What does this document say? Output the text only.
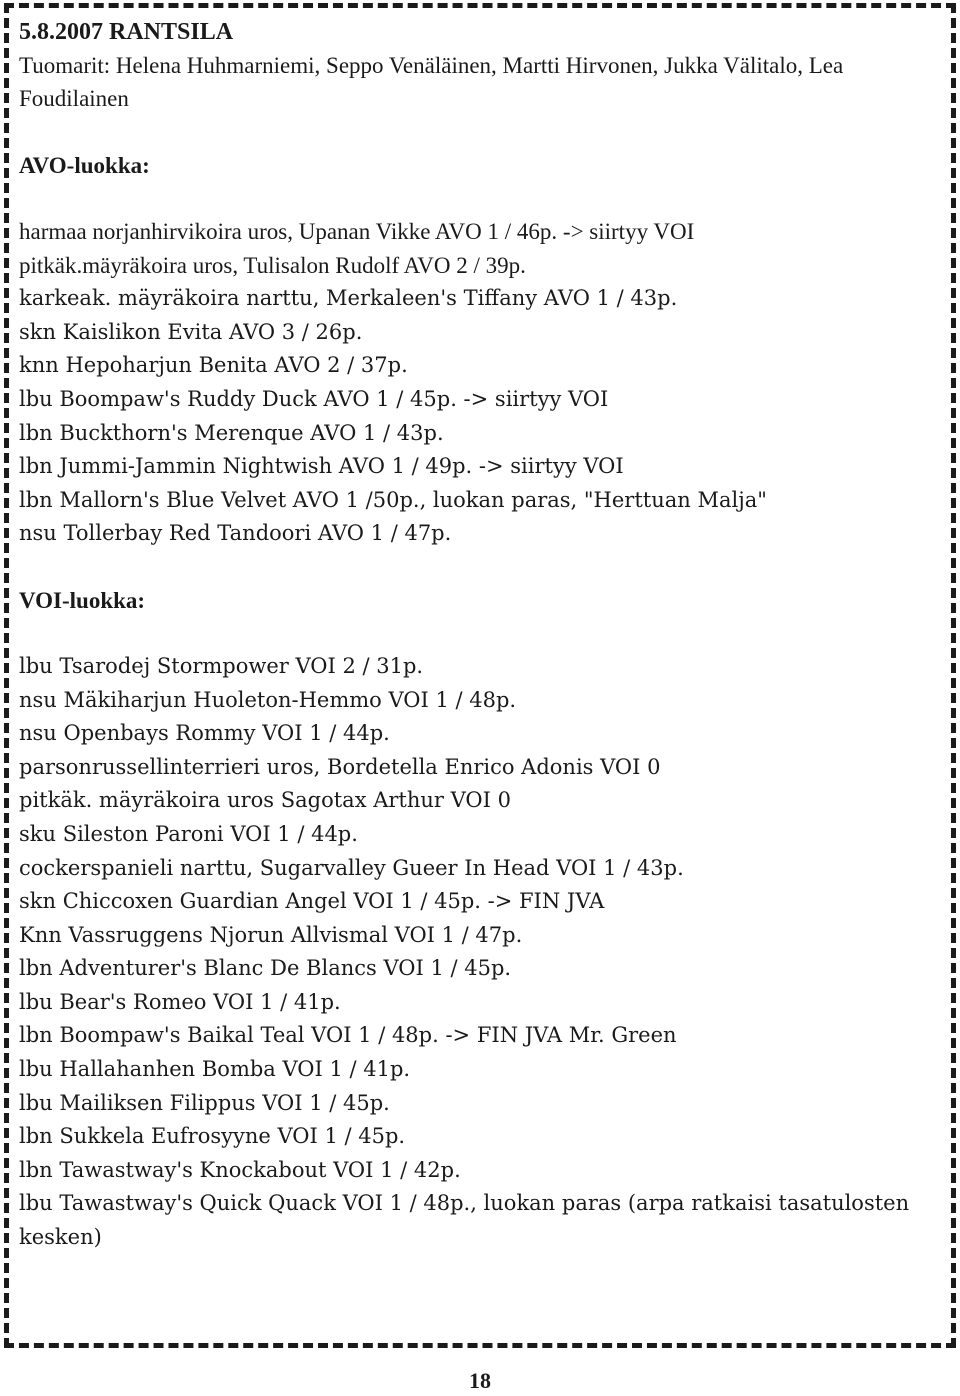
5.8.2007 RANTSILA

Tuomarit: Helena Huhmarniemi, Seppo Venäläinen, Martti Hirvonen, Jukka Välitalo, Lea Foudilainen

AVO-luokka:
harmaa norjanhirvikoira uros, Upanan Vikke AVO 1 / 46p. -> siirtyy VOI
pitkäk.mäyräkoira uros, Tulisalon Rudolf AVO 2 / 39p.
karkeak. mäyräkoira narttu, Merkaleen's Tiffany AVO 1 / 43p.
skn Kaislikon Evita AVO 3 / 26p.
knn Hepoharjun Benita AVO 2 / 37p.
lbu Boompaw's Ruddy Duck AVO 1 / 45p. -> siirtyy VOI
lbn Buckthorn's Merenque AVO 1 / 43p.
lbn Jummi-Jammin Nightwish AVO 1 / 49p. -> siirtyy VOI
lbn Mallorn's Blue Velvet AVO 1 /50p., luokan paras, "Herttuan Malja"
nsu Tollerbay Red Tandoori AVO 1 / 47p.
VOI-luokka:
lbu Tsarodej Stormpower VOI 2 / 31p.
nsu Mäkiharjun Huoleton-Hemmo VOI 1 / 48p.
nsu Openbays Rommy VOI 1 / 44p.
parsonrussellinterrieri uros, Bordetella Enrico Adonis VOI 0
pitkäk. mäyräkoira uros Sagotax Arthur VOI 0
sku Sileston Paroni VOI 1 / 44p.
cockerspanieli narttu, Sugarvalley Gueer In Head VOI 1 / 43p.
skn Chiccoxen Guardian Angel VOI 1 / 45p. -> FIN JVA
Knn Vassruggens Njorun Allvismal VOI 1 / 47p.
lbn Adventurer's Blanc De Blancs VOI 1 / 45p.
lbu Bear's Romeo VOI 1 / 41p.
lbn Boompaw's Baikal Teal VOI 1 / 48p. -> FIN JVA Mr. Green
lbu Hallahanhen Bomba VOI 1 / 41p.
lbu Mailiksen Filippus VOI 1 / 45p.
lbn Sukkela Eufrosyyne VOI 1 / 45p.
lbn Tawastway's Knockabout VOI 1 / 42p.
lbu Tawastway's Quick Quack VOI 1 / 48p., luokan paras (arpa ratkaisi tasatulosten kesken)
18
